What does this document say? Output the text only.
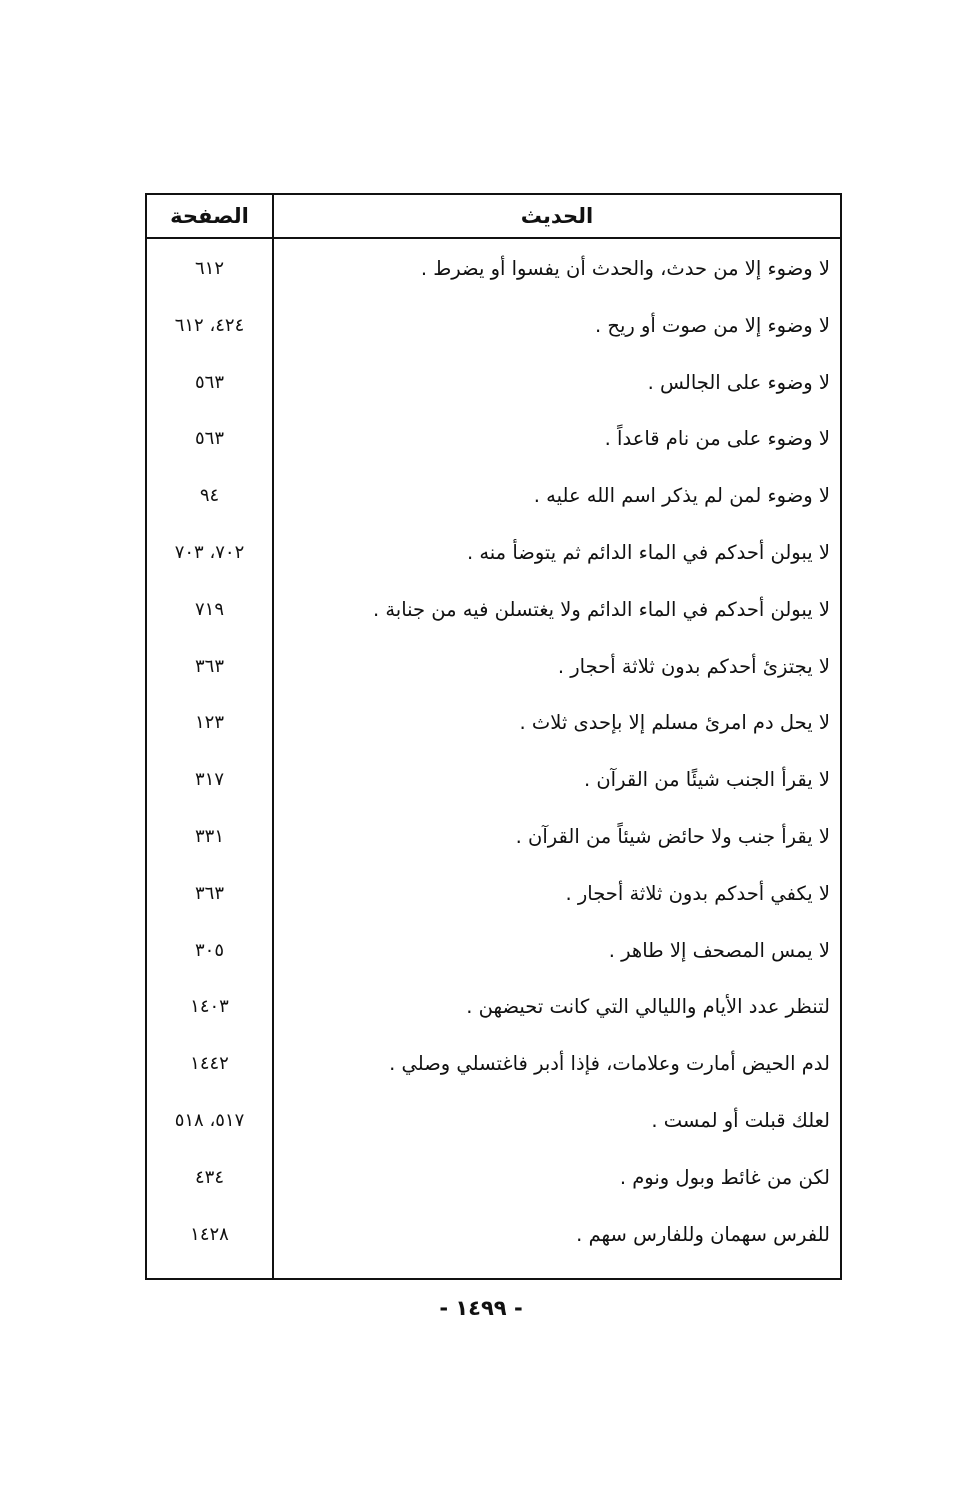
الحديث
الصفحة
لا وضوء إلا من حدث، والحدث أن يفسوا أو يضرط .
٦١٢
لا وضوء إلا من صوت أو ريح .
٤٢٤، ٦١٢
لا وضوء على الجالس .
٥٦٣
لا وضوء على من نام قاعداً .
٥٦٣
لا وضوء لمن لم يذكر اسم الله عليه .
٩٤
لا يبولن أحدكم في الماء الدائم ثم يتوضأ منه .
٧٠٢، ٧٠٣
لا يبولن أحدكم في الماء الدائم ولا يغتسلن فيه من جنابة .
٧١٩
لا يجتزئ أحدكم بدون ثلاثة أحجار .
٣٦٣
لا يحل دم امرئ مسلم إلا بإحدى ثلاث .
١٢٣
لا يقرأ الجنب شيئًا من القرآن .
٣١٧
لا يقرأ جنب ولا حائض شيئاً من القرآن .
٣٣١
لا يكفي أحدكم بدون ثلاثة أحجار .
٣٦٣
لا يمس المصحف إلا طاهر .
٣٠٥
لتنظر عدد الأيام والليالي التي كانت تحيضهن .
١٤٠٣
لدم الحيض أمارت وعلامات، فإذا أدبر فاغتسلي وصلي .
١٤٤٢
لعلك قبلت أو لمست .
٥١٧، ٥١٨
لكن من غائط وبول ونوم .
٤٣٤
للفرس سهمان وللفارس سهم .
١٤٢٨
- ١٤٩٩ -
